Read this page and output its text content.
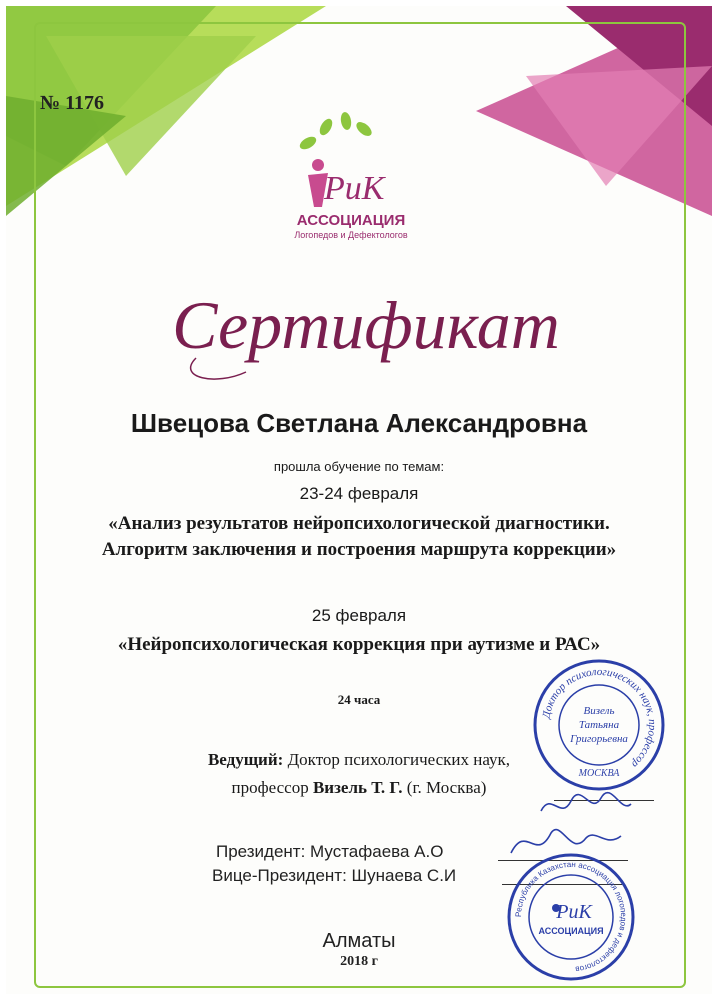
№ 1176
РиК
АССОЦИАЦИЯ
Логопедов и Дефектологов
Сертификат
Швецова Светлана Александровна
прошла обучение по темам:
23-24 февраля
«Анализ результатов нейропсихологической диагностики. Алгоритм заключения и построения маршрута коррекции»
25 февраля
«Нейропсихологическая коррекция при аутизме и РАС»
24 часа
Ведущий: Доктор психологических наук,
профессор Визель Т. Г. (г. Москва)
Президент: Мустафаева А.О
Вице-Президент: Шунаева С.И
Доктор психологических наук, профессор
Визель
Татьяна
Григорьевна
МОСКВА
Республика Казахстан ассоциация логопедов и дефектологов
РиК
АССОЦИАЦИЯ
Алматы
2018 г
